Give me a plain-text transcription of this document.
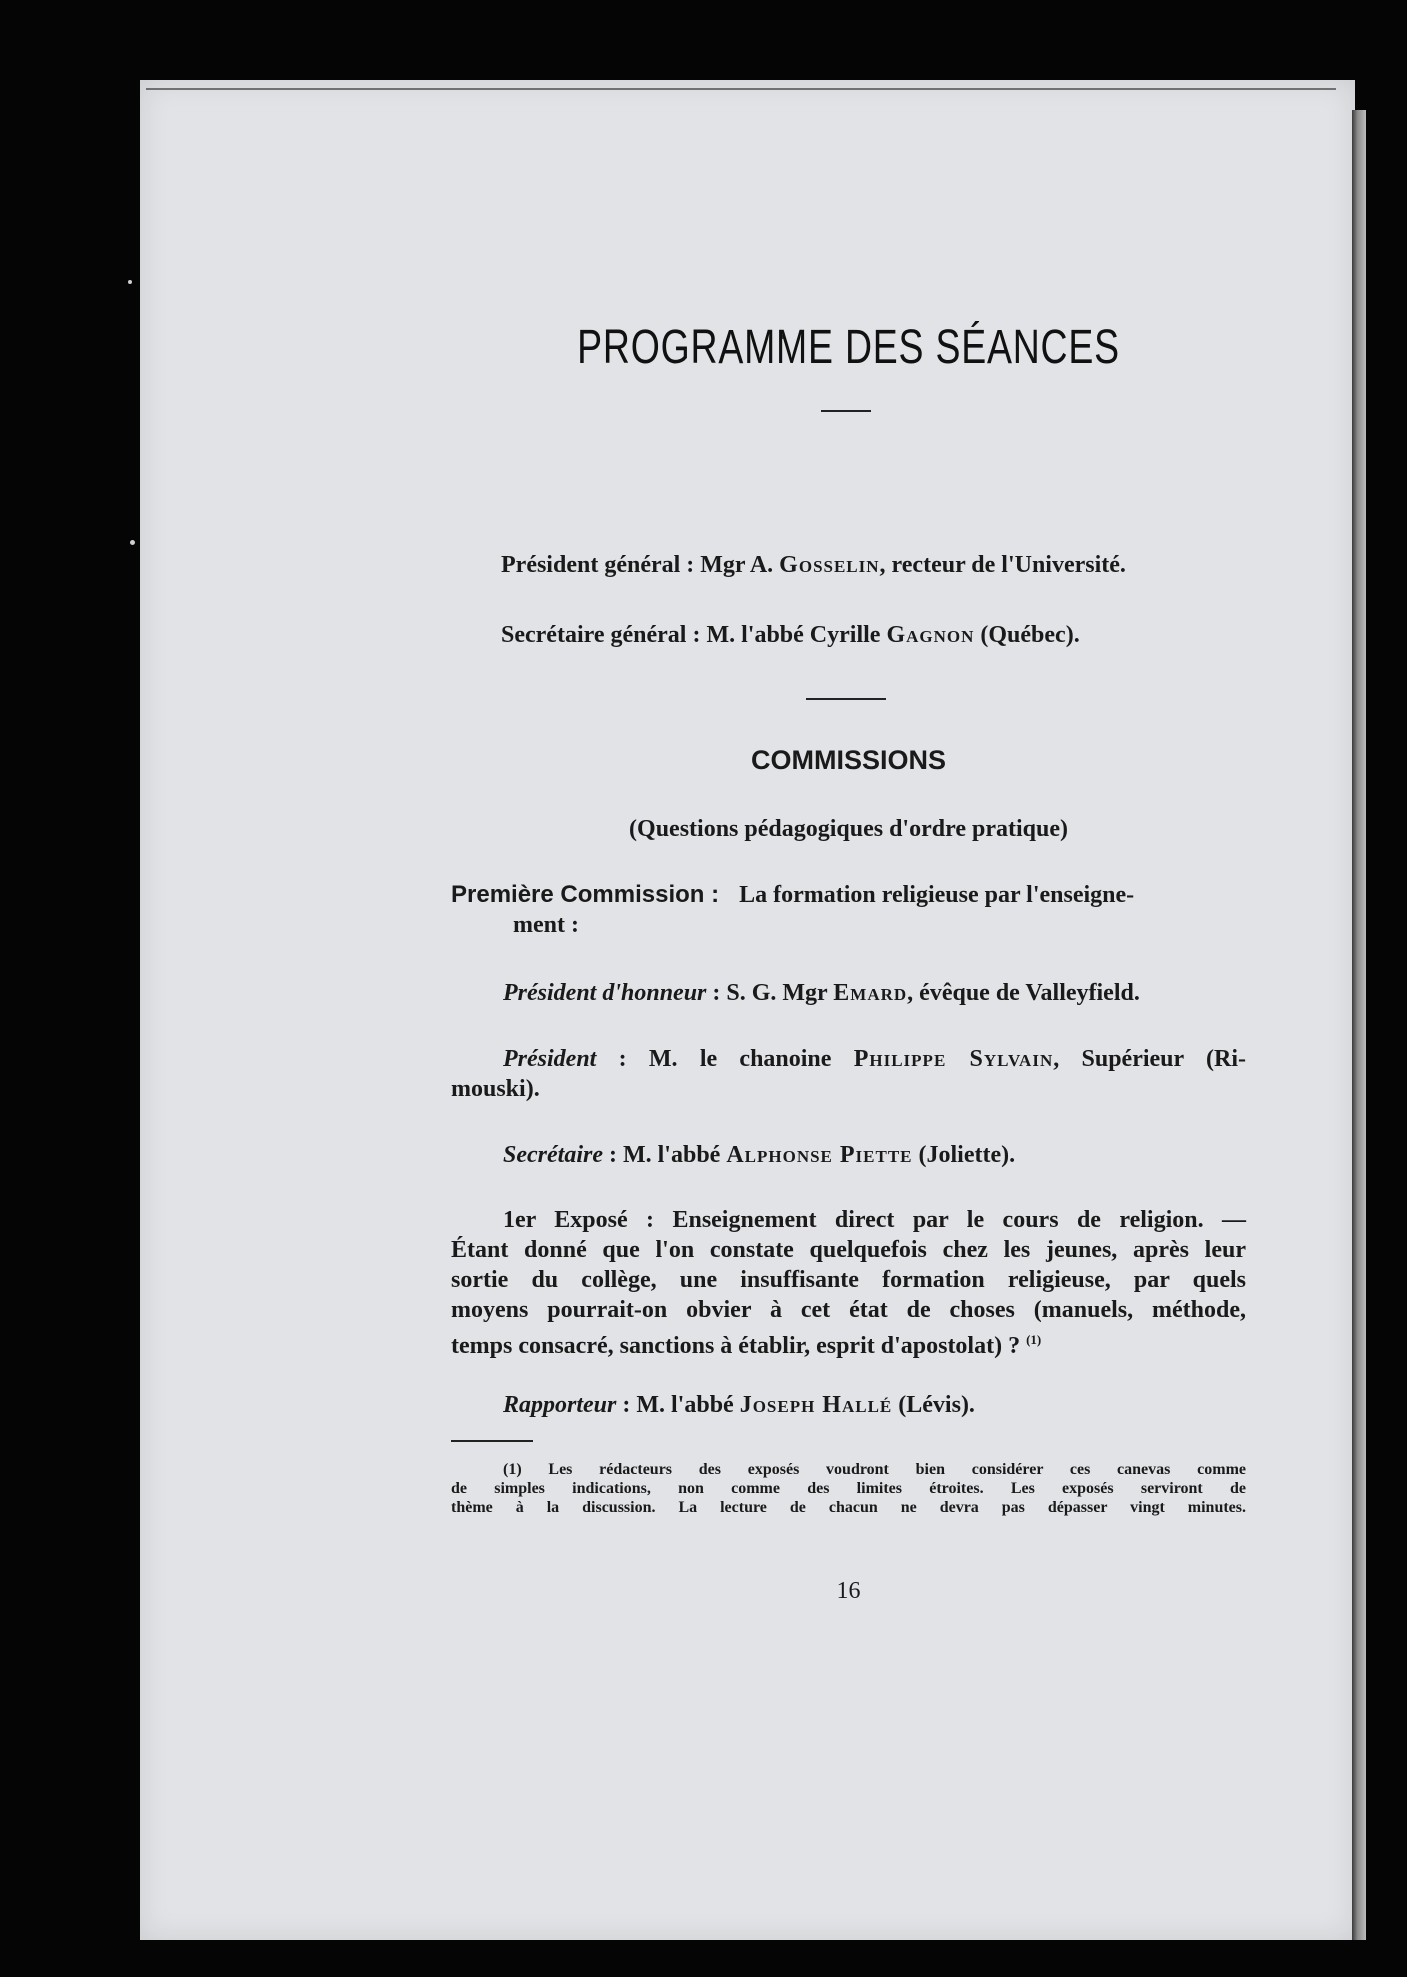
PROGRAMME DES SÉANCES
Président général : Mgr A. Gosselin, recteur de l'Université.
Secrétaire général : M. l'abbé Cyrille Gagnon (Québec).
COMMISSIONS
(Questions pédagogiques d'ordre pratique)
Première Commission : La formation religieuse par l'enseigne-
ment :
Président d'honneur : S. G. Mgr Emard, évêque de Valleyfield.
Président : M. le chanoine Philippe Sylvain, Supérieur (Ri-
mouski).
Secrétaire : M. l'abbé Alphonse Piette (Joliette).
1er Exposé : Enseignement direct par le cours de religion. —
Étant donné que l'on constate quelquefois chez les jeunes, après leur
sortie du collège, une insuffisante formation religieuse, par quels
moyens pourrait-on obvier à cet état de choses (manuels, méthode,
temps consacré, sanctions à établir, esprit d'apostolat) ? $^{(1)}$
Rapporteur : M. l'abbé Joseph Hallé (Lévis).
(1) Les rédacteurs des exposés voudront bien considérer ces canevas comme
de simples indications, non comme des limites étroites. Les exposés serviront de
thème à la discussion. La lecture de chacun ne devra pas dépasser vingt minutes.
16
